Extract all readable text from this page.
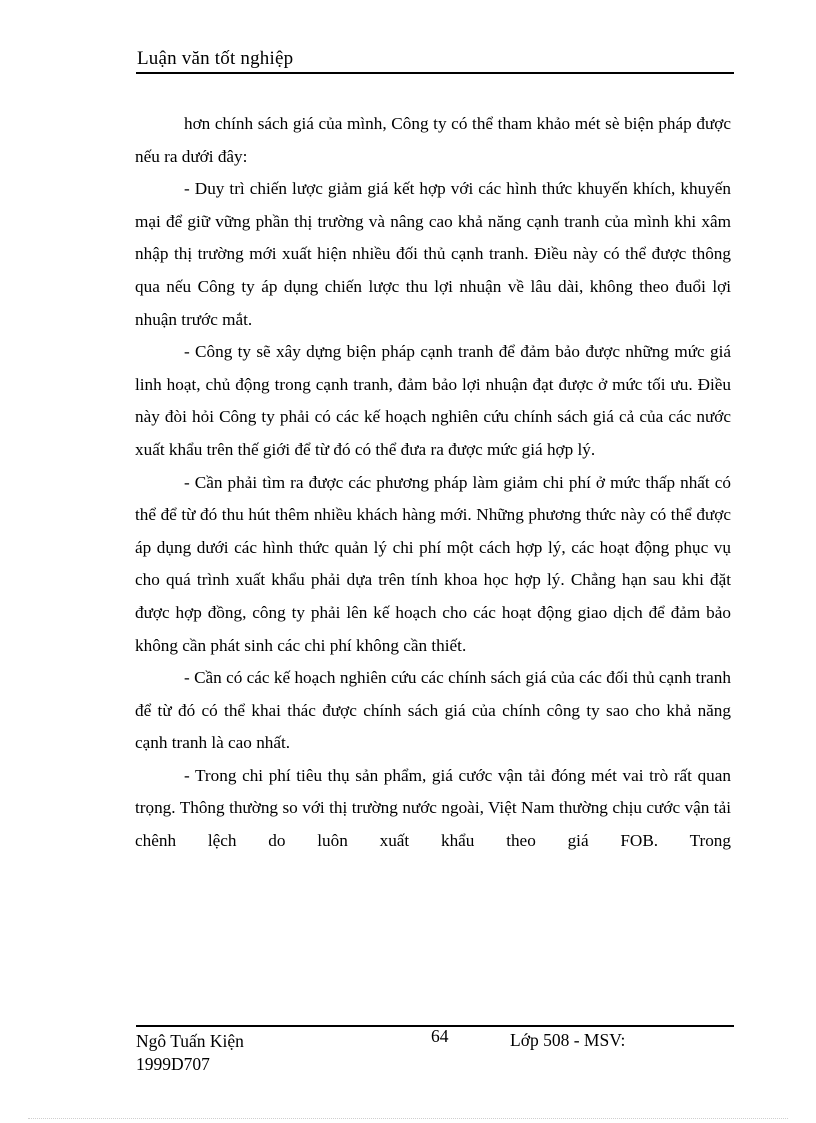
Luận văn tốt nghiệp

hơn chính sách giá của mình, Công ty có thể tham khảo mét sè biện pháp được nếu ra dưới đây:

- Duy trì chiến lược giảm giá kết hợp với các hình thức khuyến khích, khuyến mại để giữ vững phần thị trường và nâng cao khả năng cạnh tranh của mình khi xâm nhập thị trường mới xuất hiện nhiều đối thủ cạnh tranh. Điều này có thể được thông qua nếu Công ty áp dụng chiến lược thu lợi nhuận về lâu dài, không theo đuổi lợi nhuận trước mắt.

- Công ty sẽ xây dựng biện pháp cạnh tranh để đảm bảo được những mức giá linh hoạt, chủ động trong cạnh tranh, đảm bảo lợi nhuận đạt được ở mức tối ưu. Điều này đòi hỏi Công ty phải có các kế hoạch nghiên cứu chính sách giá cả của các nước xuất khẩu trên thế giới để từ đó có thể đưa ra được mức giá hợp lý.

- Cần phải tìm ra được các phương pháp làm giảm chi phí ở mức thấp nhất có thể để từ đó thu hút thêm nhiều khách hàng mới. Những phương thức này có thể được áp dụng dưới các hình thức quản lý chi phí một cách hợp lý, các hoạt động phục vụ cho quá trình xuất khẩu phải dựa trên tính khoa học hợp lý. Chẳng hạn sau khi đặt được hợp đồng, công ty phải lên kế hoạch cho các hoạt động giao dịch để đảm bảo không cần phát sinh các chi phí không cần thiết.

- Cần có các kế hoạch nghiên cứu các chính sách giá của các đối thủ cạnh tranh để từ đó có thể khai thác được chính sách giá của chính công ty sao cho khả năng cạnh tranh là cao nhất.

- Trong chi phí tiêu thụ sản phẩm, giá cước vận tải đóng mét vai trò rất quan trọng. Thông thường so với thị trường nước ngoài, Việt Nam thường chịu cước vận tải chênh lệch do luôn xuất khẩu theo giá FOB. Trong

Ngô Tuấn Kiện
1999D707
64	Lớp 508 - MSV:
